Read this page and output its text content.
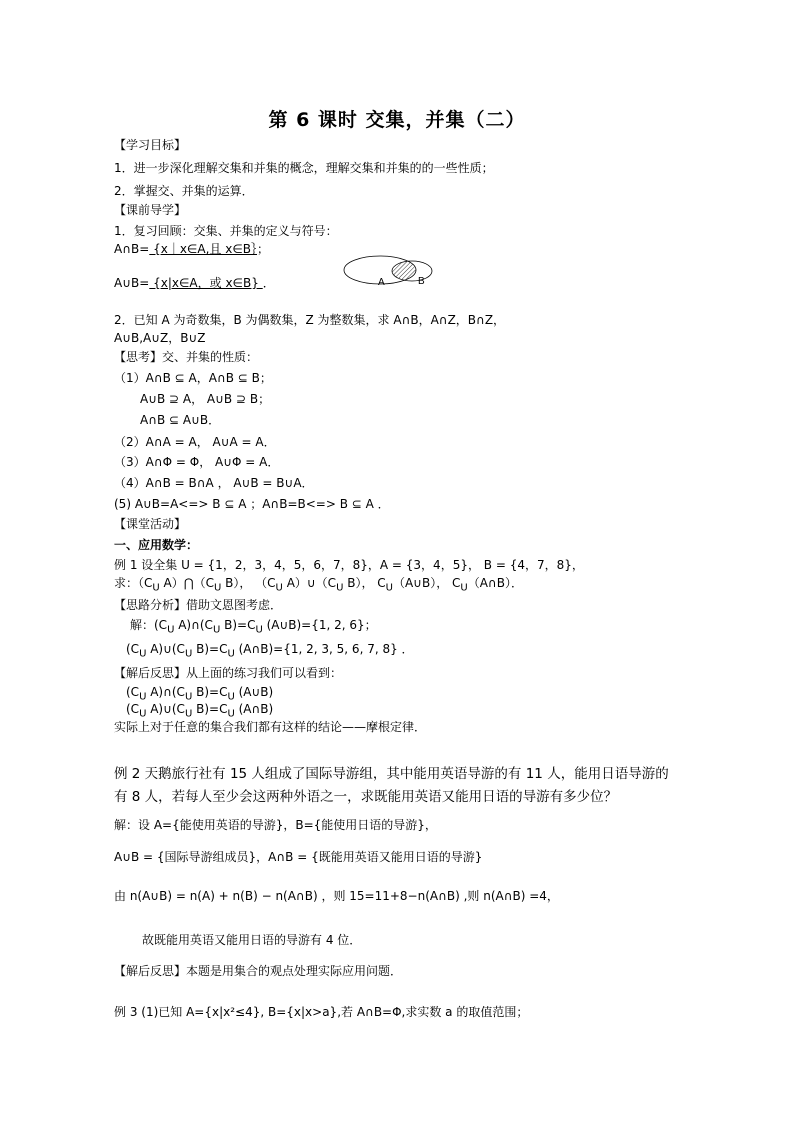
第 6 课时 交集，并集（二）
【学习目标】
1．进一步深化理解交集和并集的概念，理解交集和并集的的一些性质；
2．掌握交、并集的运算．
【课前导学】
1．复习回顾：交集、并集的定义与符号：
A∩B= {x｜x∈A,且 x∈B｝；
A	B
A∪B= {x|x∈A，或 x∈B} ．
2．已知 A 为奇数集，B 为偶数集，Z 为整数集，求 A∩B，A∩Z，B∩Z，
A∪B,A∪Z，B∪Z
【思考】交、并集的性质：
（1）A∩B ⊆ A，A∩B ⊆ B；
A∪B ⊇ A， A∪B ⊇ B；
A∩B ⊆ A∪B．
（2）A∩A = A， A∪A = A．
（3）A∩Φ = Φ， A∪Φ = A．
（4）A∩B = B∩A ， A∪B = B∪A．
(5) A∪B=A<=> B ⊆ A ；A∩B=B<=> B ⊆ A ．
【课堂活动】
一、应用数学：
例 1 设全集 U = {1，2，3，4，5，6，7，8}，A = {3，4，5}， B = {4，7，8}，
求：（$C_U$ $A)⋂(C_U$ B）， （$C_U$ $A)\cup(C_U$ B）， $C_U(A\cup B)$， $C_U(A\cap B)$．
【思路分析】借助文恩图考虑．
解：($C_U$ $A)\cap(C_U$ $B)=C_U$ (A∪B)={1, 2, 6}；
($C_U$ $A)\cup(C_U$ $B)=C_U$ (A∩B)={1, 2, 3, 5, 6, 7, 8} ．
【解后反思】从上面的练习我们可以看到：
($C_U$ $A)\cap(C_U$ $B)=C_U$ (A∪B)
($C_U$ $A)\cup(C_U$ $B)=C_U$ (A∩B)
实际上对于任意的集合我们都有这样的结论——摩根定律．
例 2 天鹅旅行社有 15 人组成了国际导游组，其中能用英语导游的有 11 人，能用日语导游的
有 8 人，若每人至少会这两种外语之一，求既能用英语又能用日语的导游有多少位？
解：设 A={能使用英语的导游}，B={能使用日语的导游}，
A∪B = {国际导游组成员}，A∩B = {既能用英语又能用日语的导游}
由 n(A∪B) = n(A) + n(B) − n(A∩B) ，则 15=11+8−n(A∩B) ,则 n(A∩B) =4，
故既能用英语又能用日语的导游有 4 位．
【解后反思】本题是用集合的观点处理实际应用问题．
例 3 (1)已知 A={x|x²≤4}, B={x|x>a},若 A∩B=Φ,求实数 a 的取值范围；
